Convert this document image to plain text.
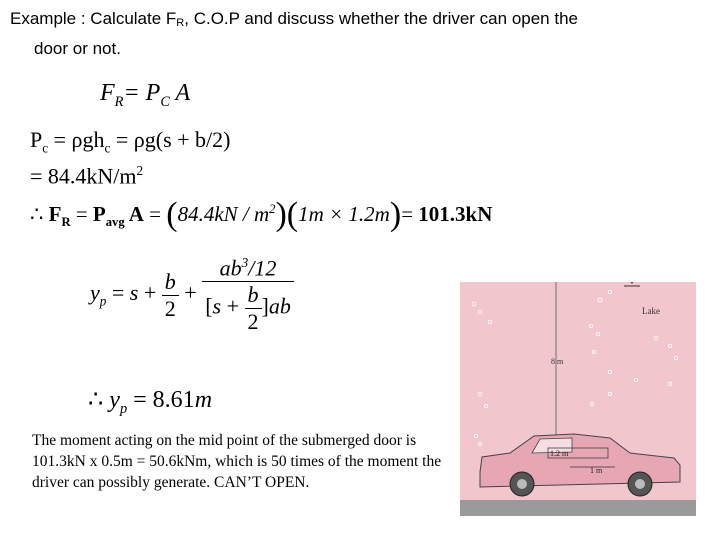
Example : Calculate FR, C.O.P and discuss whether the driver can open the
door or not.
$F_R= P_C$ A
$P_c = \rho gh_c = \rho g(s + b/2)$
= $84.4kN/m^2$
∴ $F_R = P_{avg}$ $A = (84.4kN / m^2)(1m \times 1.2m)= 101.3kN$
$y_p = s + \frac{b}{2} + \frac{ab^3/12}{[s + \frac{b}{2} ]ab}$
∴ $y_p = 8.61m$
The moment acting on the mid point of the submerged door is 101.3kN x 0.5m = 50.6kNm, which is 50 times of the moment the driver can possibly generate. CAN’T OPEN.
Lake
8 m
1.2 m
1 m
